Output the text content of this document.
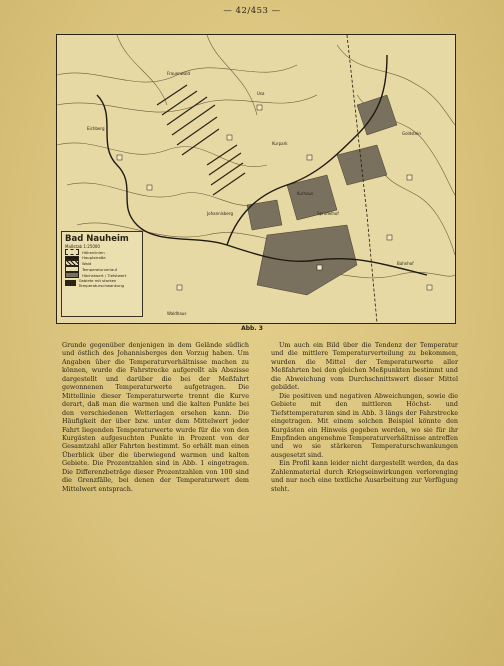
— 42/453 —
Eichberg
Frauenwald
Kurpark
Goldstein
Bahnhof
Kurhaus
Sprudelhof
Usa
Johannisberg
Waldhaus
Bad Nauheim
Maßstab 1:25000
Höhenlinien
Hauptstraße
Wald
Temperaturverlauf
Höchstwert / Tiefstwert
Gebiete mit starken Temperaturschwankung
Abb. 3

Grunde gegenüber denjenigen in dem Gelände südlich und östlich des Johannisberges den Vorzug haben. Um Angaben über die Temperaturverhältnisse machen zu können, wurde die Fahrstrecke aufgerollt als Abszisse dargestellt und darüber die bei der Meßfahrt gewonnenen Temperaturwerte aufgetragen. Die Mittellinie dieser Temperaturwerte trennt die Kurve derart, daß man die warmen und die kalten Punkte bei den verschiedenen Wetterlagen ersehen kann. Die Häufigkeit der über bzw. unter dem Mittelwert jeder Fahrt liegenden Temperaturwerte wurde für die von den Kurgästen aufgesuchten Punkte in Prozent von der Gesamtzahl aller Fahrten bestimmt. So erhält man einen Überblick über die überwiegend warmen und kalten Gebiete. Die Prozentzahlen sind in Abb. 1 eingetragen. Die Differenzbeträge dieser Prozentzahlen von 100 sind die Grenzfälle, bei denen der Temperaturwert dem Mittelwert entsprach.

Um auch ein Bild über die Tendenz der Temperatur und die mittlere Temperaturverteilung zu bekommen, wurden die Mittel der Temperaturwerte aller Meßfahrten bei den gleichen Meßpunkten bestimmt und die Abweichung vom Durchschnittswert dieser Mittel gebildet.

Die positiven und negativen Abweichungen, sowie die Gebiete mit den mittleren Höchst- und Tiefsttemperaturen sind in Abb. 3 längs der Fahrstrecke eingetragen. Mit einem solchen Beispiel könnte den Kurgästen ein Hinweis gegeben werden, wo sie für ihr Empfinden angenehme Temperaturverhältnisse antreffen und wo sie stärkeren Temperaturschwankungen ausgesetzt sind.

Ein Profil kann leider nicht dargestellt werden, da das Zahlenmaterial durch Kriegseinwirkungen verlorenging und nur noch eine textliche Ausarbeitung zur Verfügung steht.
